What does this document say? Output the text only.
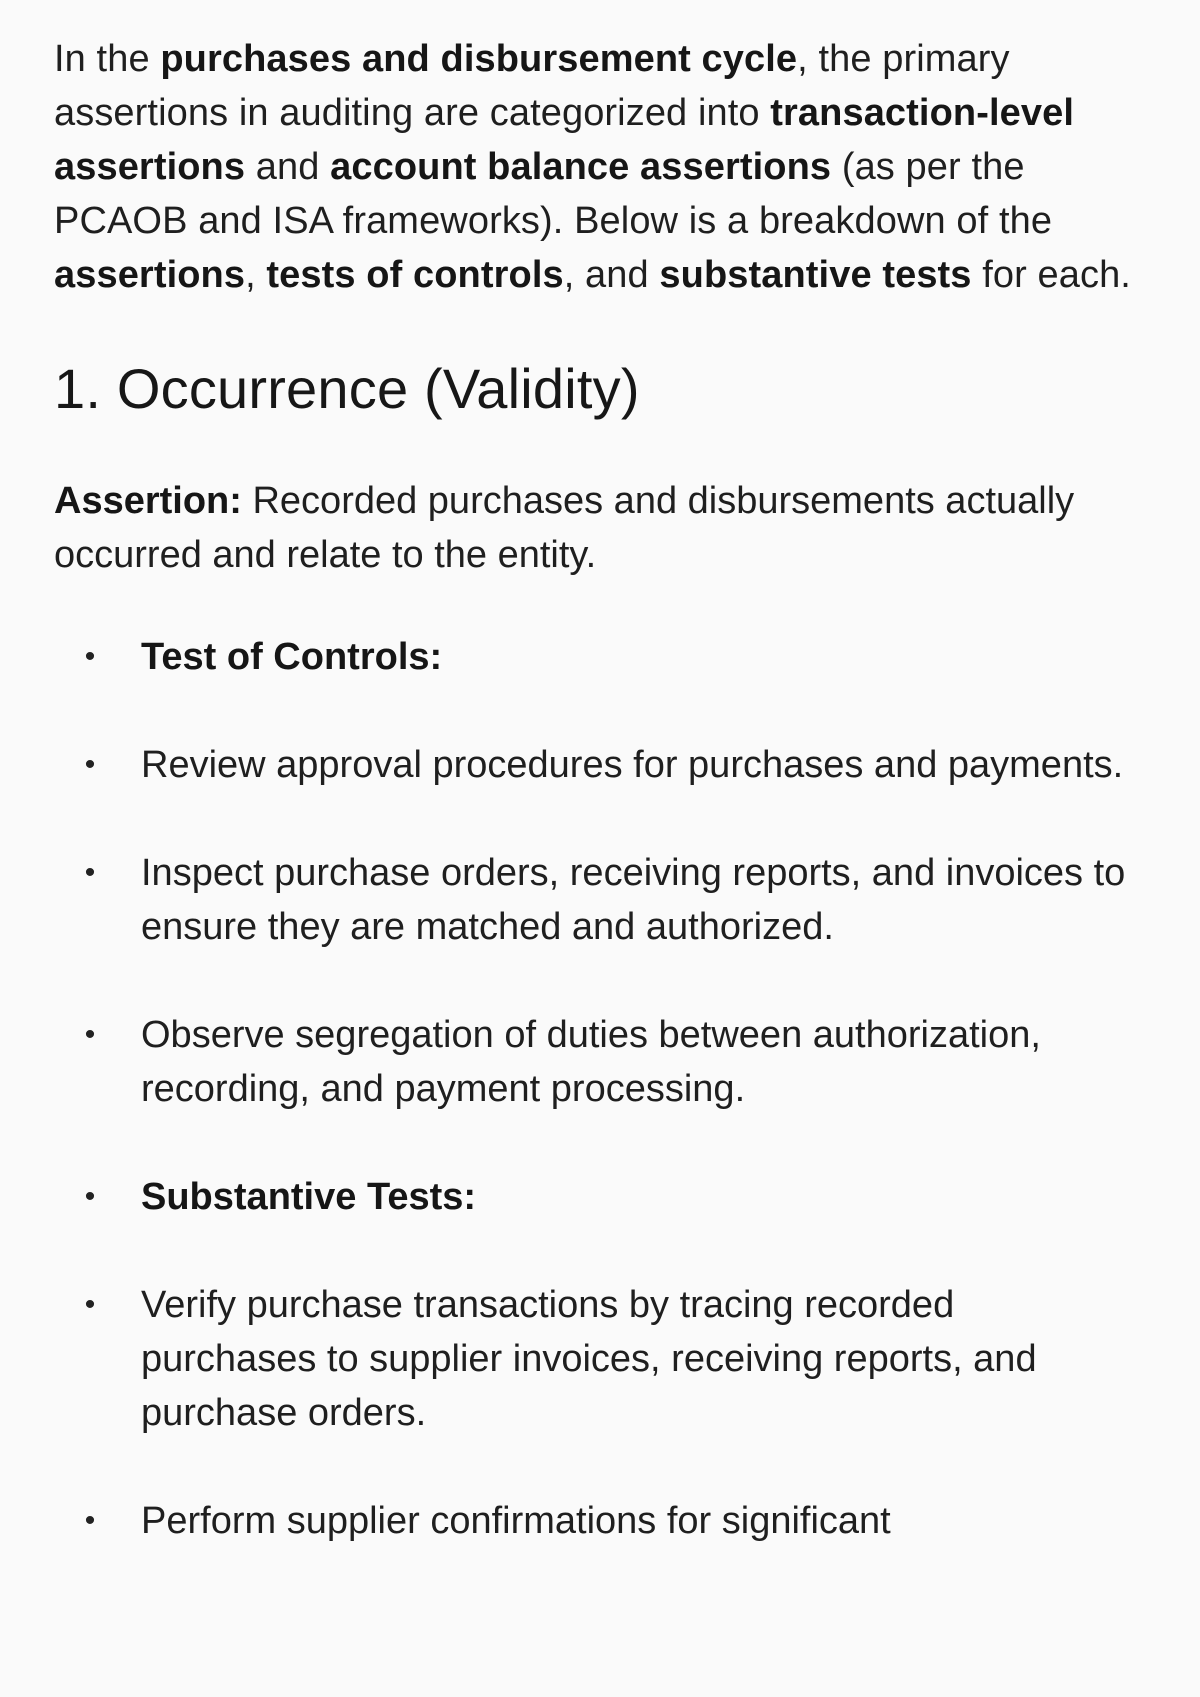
In the purchases and disbursement cycle, the primary assertions in auditing are categorized into transaction-level assertions and account balance assertions (as per the PCAOB and ISA frameworks). Below is a breakdown of the assertions, tests of controls, and substantive tests for each.

1. Occurrence (Validity)

Assertion: Recorded purchases and disbursements actually occurred and relate to the entity.

• Test of Controls:
• Review approval procedures for purchases and payments.
• Inspect purchase orders, receiving reports, and invoices to ensure they are matched and authorized.
• Observe segregation of duties between authorization, recording, and payment processing.
• Substantive Tests:
• Verify purchase transactions by tracing recorded purchases to supplier invoices, receiving reports, and purchase orders.
• Perform supplier confirmations for significant
